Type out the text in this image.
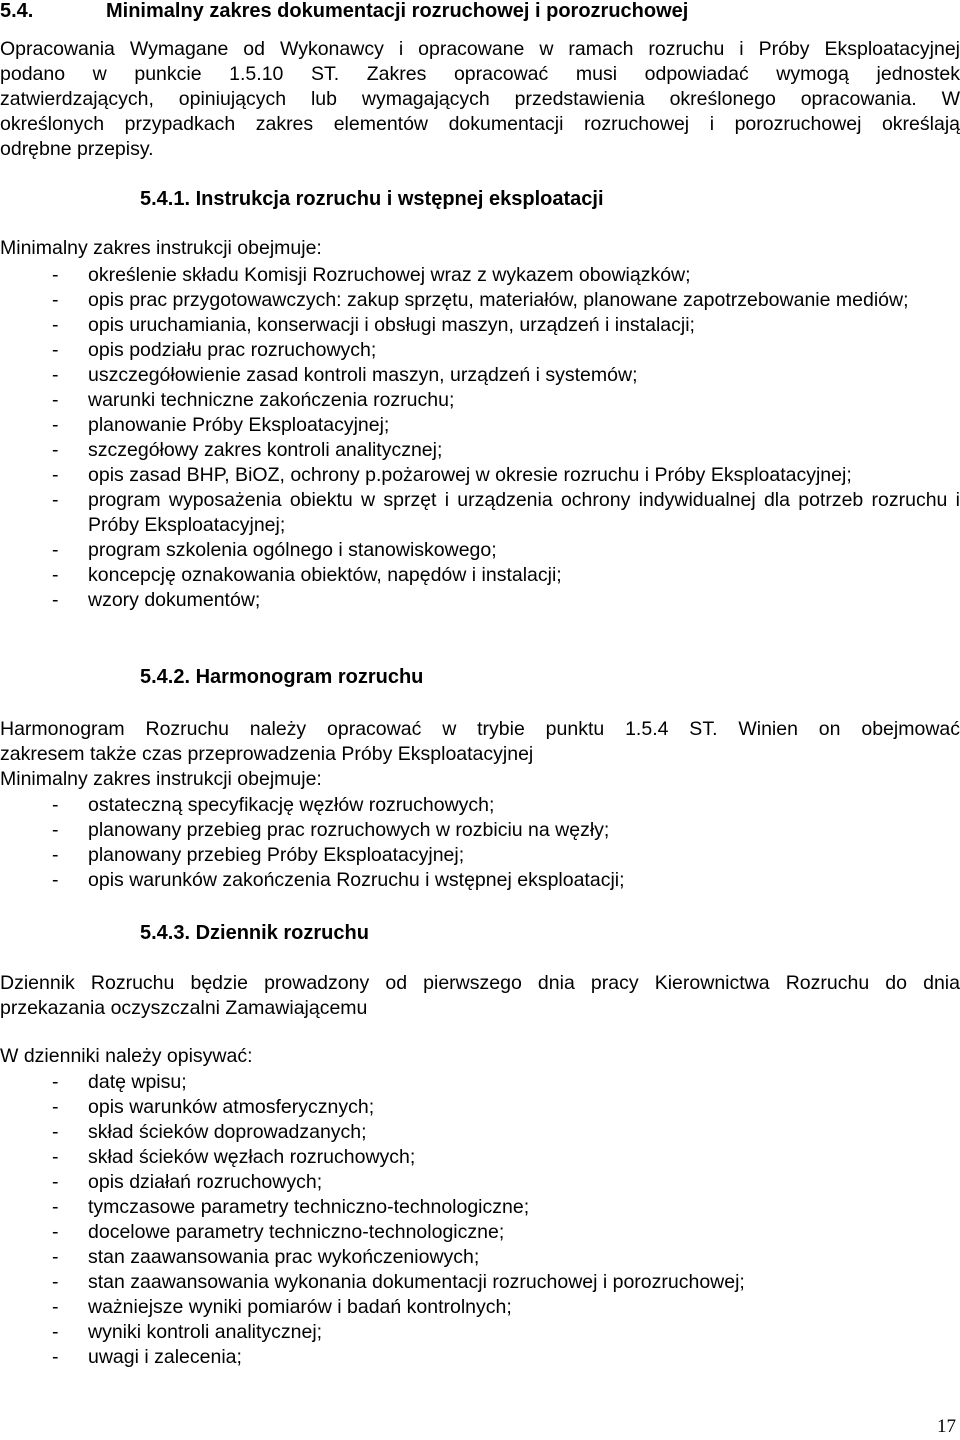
5.4.	Minimalny zakres dokumentacji rozruchowej i porozruchowej
Opracowania Wymagane od Wykonawcy i opracowane w ramach rozruchu i Próby Eksploatacyjnej
podano w punkcie 1.5.10 ST. Zakres opracować musi odpowiadać wymogą jednostek
zatwierdzających, opiniujących lub wymagających przedstawienia określonego opracowania. W
określonych przypadkach zakres elementów dokumentacji rozruchowej i porozruchowej określają
odrębne przepisy.
5.4.1. Instrukcja rozruchu i wstępnej eksploatacji
Minimalny zakres instrukcji obejmuje:
- określenie składu Komisji Rozruchowej wraz z wykazem obowiązków;
- opis prac przygotowawczych: zakup sprzętu, materiałów, planowane zapotrzebowanie mediów;
- opis uruchamiania, konserwacji i obsługi maszyn, urządzeń i instalacji;
- opis podziału prac rozruchowych;
- uszczegółowienie zasad kontroli maszyn, urządzeń i systemów;
- warunki techniczne zakończenia rozruchu;
- planowanie Próby Eksploatacyjnej;
- szczegółowy zakres kontroli analitycznej;
- opis zasad BHP, BiOZ, ochrony p.pożarowej w okresie rozruchu i Próby Eksploatacyjnej;
- program wyposażenia obiektu w sprzęt i urządzenia ochrony indywidualnej dla potrzeb rozruchu i Próby Eksploatacyjnej;
- program szkolenia ogólnego i stanowiskowego;
- koncepcję oznakowania obiektów, napędów i instalacji;
- wzory dokumentów;
5.4.2. Harmonogram rozruchu
Harmonogram Rozruchu należy opracować w trybie punktu 1.5.4 ST. Winien on obejmować
zakresem także czas przeprowadzenia Próby Eksploatacyjnej
Minimalny zakres instrukcji obejmuje:
- ostateczną specyfikację węzłów rozruchowych;
- planowany przebieg prac rozruchowych w rozbiciu na węzły;
- planowany przebieg Próby Eksploatacyjnej;
- opis warunków zakończenia Rozruchu i wstępnej eksploatacji;
5.4.3. Dziennik rozruchu
Dziennik Rozruchu będzie prowadzony od pierwszego dnia pracy Kierownictwa Rozruchu do dnia
przekazania oczyszczalni Zamawiającemu
W dzienniki należy opisywać:
- datę wpisu;
- opis warunków atmosferycznych;
- skład ścieków doprowadzanych;
- skład ścieków węzłach rozruchowych;
- opis działań rozruchowych;
- tymczasowe parametry techniczno-technologiczne;
- docelowe parametry techniczno-technologiczne;
- stan zaawansowania prac wykończeniowych;
- stan zaawansowania wykonania dokumentacji rozruchowej i porozruchowej;
- ważniejsze wyniki pomiarów i badań kontrolnych;
- wyniki kontroli analitycznej;
- uwagi i zalecenia;
17
